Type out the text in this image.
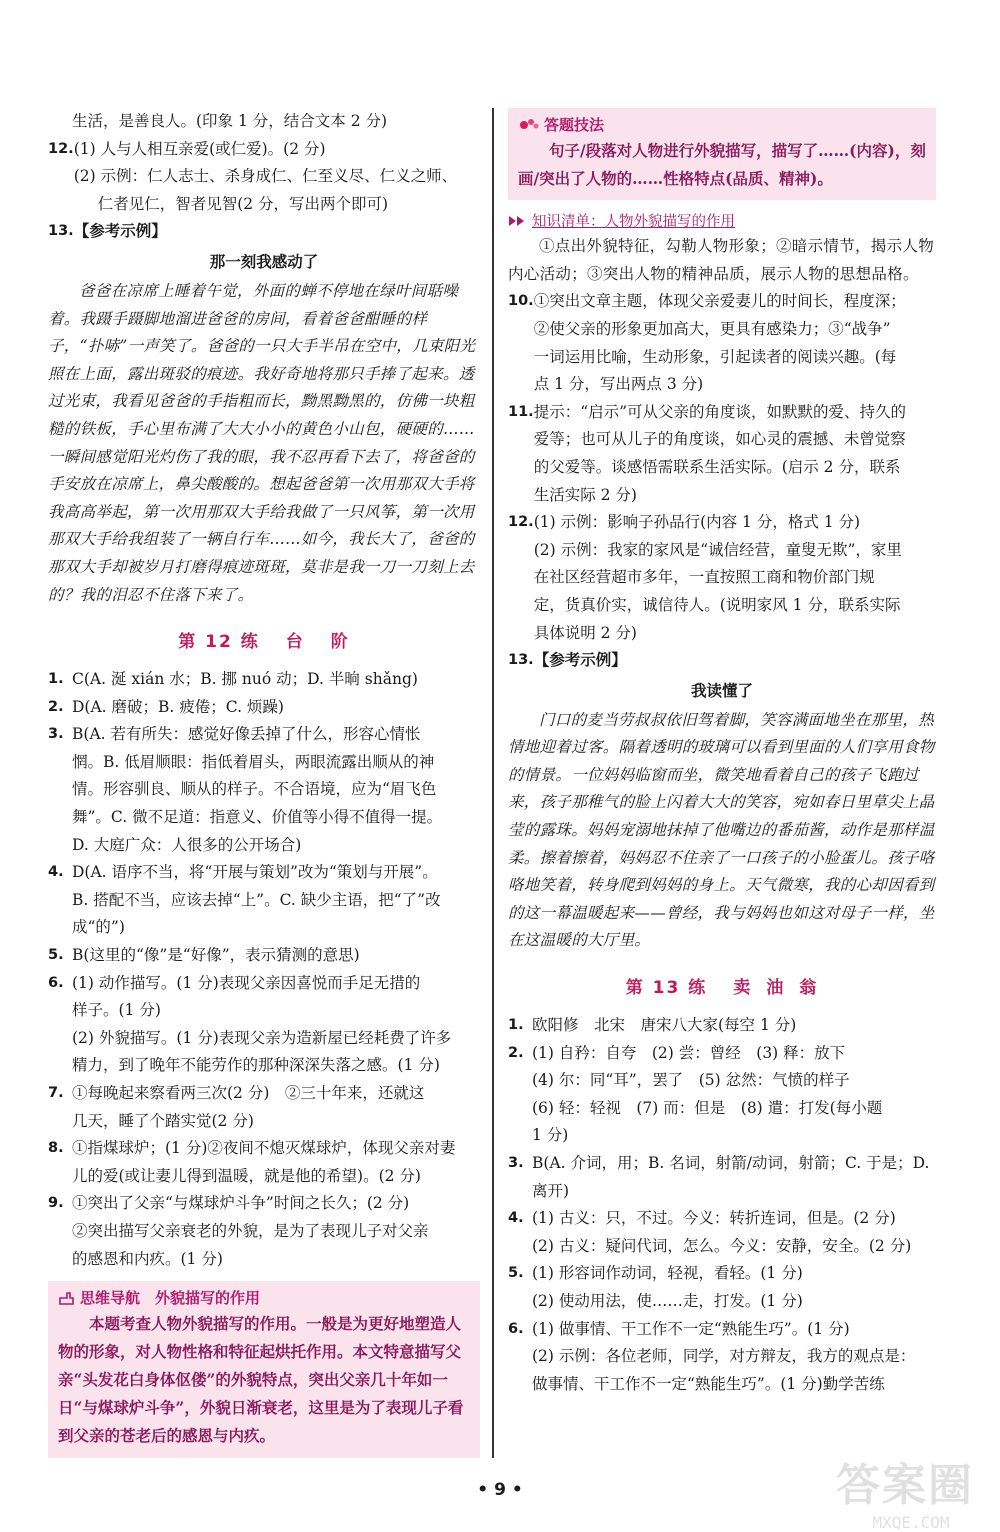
生活，是善良人。(印象 1 分，结合文本 2 分)

12. (1) 人与人相互亲爱(或仁爱)。(2 分)

(2) 示例：仁人志士、杀身成仁、仁至义尽、仁义之师、

仁者见仁，智者见智(2 分，写出两个即可)

13. 【参考示例】

那一刻我感动了

爸爸在凉席上睡着午觉，外面的蝉不停地在绿叶间聒噪着。我蹑手蹑脚地溜进爸爸的房间，看着爸爸酣睡的样子，“扑哧”一声笑了。爸爸的一只大手半吊在空中，几束阳光照在上面，露出斑驳的痕迹。我好奇地将那只手捧了起来。透过光束，我看见爸爸的手指粗而长，黝黑黝黑的，仿佛一块粗糙的铁板，手心里布满了大大小小的黄色小山包，硬硬的……一瞬间感觉阳光灼伤了我的眼，我不忍再看下去了，将爸爸的手安放在凉席上，鼻尖酸酸的。想起爸爸第一次用那双大手将我高高举起，第一次用那双大手给我做了一只风筝，第一次用那双大手给我组装了一辆自行车……如今，我长大了，爸爸的那双大手却被岁月打磨得痕迹斑斑，莫非是我一刀一刀刻上去的？我的泪忍不住落下来了。

第 12 练 台 阶
1. C(A. 涎 xián 水；B. 挪 nuó 动；D. 半晌 shǎng)

2. D(A. 磨破；B. 疲倦；C. 烦躁)

3. B(A. 若有所失：感觉好像丢掉了什么，形容心情怅

惘。B. 低眉顺眼：指低着眉头，两眼流露出顺从的神

情。形容驯良、顺从的样子。不合语境，应为“眉飞色

舞”。C. 微不足道：指意义、价值等小得不值得一提。

D. 大庭广众：人很多的公开场合)

4. D(A. 语序不当，将“开展与策划”改为“策划与开展”。

B. 搭配不当，应该去掉“上”。C. 缺少主语，把“了”改

成“的”)

5. B(这里的“像”是“好像”，表示猜测的意思)

6. (1) 动作描写。(1 分)表现父亲因喜悦而手足无措的

样子。(1 分)

(2) 外貌描写。(1 分)表现父亲为造新屋已经耗费了许多

精力，到了晚年不能劳作的那种深深失落之感。(1 分)

7. ①每晚起来察看两三次(2 分)　②三十年来，还就这

几天，睡了个踏实觉(2 分)

8. ①指煤球炉；(1 分)②夜间不熄灭煤球炉，体现父亲对妻

儿的爱(或让妻儿得到温暖，就是他的希望)。(2 分)

9. ①突出了父亲“与煤球炉斗争”时间之长久；(2 分)

②突出描写父亲衰老的外貌，是为了表现儿子对父亲

的感恩和内疚。(1 分)

思维导航　外貌描写的作用

本题考查人物外貌描写的作用。一般是为更好地塑造人物的形象，对人物性格和特征起烘托作用。本文特意描写父亲“头发花白身体伛偻”的外貌特点，突出父亲几十年如一日“与煤球炉斗争”，外貌日渐衰老，这里是为了表现儿子看到父亲的苍老后的感恩与内疚。

答题技法

句子/段落对人物进行外貌描写，描写了……(内容)，刻画/突出了人物的……性格特点(品质、精神)。

知识清单：人物外貌描写的作用

①点出外貌特征，勾勒人物形象；②暗示情节，揭示人物内心活动；③突出人物的精神品质，展示人物的思想品格。

10. ①突出文章主题，体现父亲爱妻儿的时间长，程度深；

②使父亲的形象更加高大，更具有感染力；③“战争”

一词运用比喻，生动形象，引起读者的阅读兴趣。(每

点 1 分，写出两点 3 分)

11. 提示：“启示”可从父亲的角度谈，如默默的爱、持久的

爱等；也可从儿子的角度谈，如心灵的震撼、未曾觉察

的父爱等。谈感悟需联系生活实际。(启示 2 分，联系

生活实际 2 分)

12. (1) 示例：影响子孙品行(内容 1 分，格式 1 分)

(2) 示例：我家的家风是“诚信经营，童叟无欺”，家里

在社区经营超市多年，一直按照工商和物价部门规

定，货真价实，诚信待人。(说明家风 1 分，联系实际

具体说明 2 分)

13. 【参考示例】

我读懂了

门口的麦当劳叔叔依旧驾着脚，笑容满面地坐在那里，热情地迎着过客。隔着透明的玻璃可以看到里面的人们享用食物的情景。一位妈妈临窗而坐，微笑地看着自己的孩子飞跑过来，孩子那稚气的脸上闪着大大的笑容，宛如春日里草尖上晶莹的露珠。妈妈宠溺地抹掉了他嘴边的番茄酱，动作是那样温柔。擦着擦着，妈妈忍不住亲了一口孩子的小脸蛋儿。孩子咯咯地笑着，转身爬到妈妈的身上。天气微寒，我的心却因看到的这一幕温暖起来——曾经，我与妈妈也如这对母子一样，坐在这温暖的大厅里。

第 13 练 卖 油 翁
1. 欧阳修　北宋　唐宋八大家(每空 1 分)

2. (1) 自矜：自夸　(2) 尝：曾经　(3) 释：放下

(4) 尔：同“耳”，罢了　(5) 忿然：气愤的样子

(6) 轻：轻视　(7) 而：但是　(8) 遣：打发(每小题

1 分)

3. B(A. 介词，用；B. 名词，射箭/动词，射箭；C. 于是；D.

离开)

4. (1) 古义：只，不过。今义：转折连词，但是。(2 分)

(2) 古义：疑问代词，怎么。今义：安静，安全。(2 分)

5. (1) 形容词作动词，轻视，看轻。(1 分)

(2) 使动用法，使……走，打发。(1 分)

6. (1) 做事情、干工作不一定“熟能生巧”。(1 分)

(2) 示例：各位老师，同学，对方辩友，我方的观点是：

做事情、干工作不一定“熟能生巧”。(1 分)勤学苦练

• 9 •	答案圈
MXQE.COM
